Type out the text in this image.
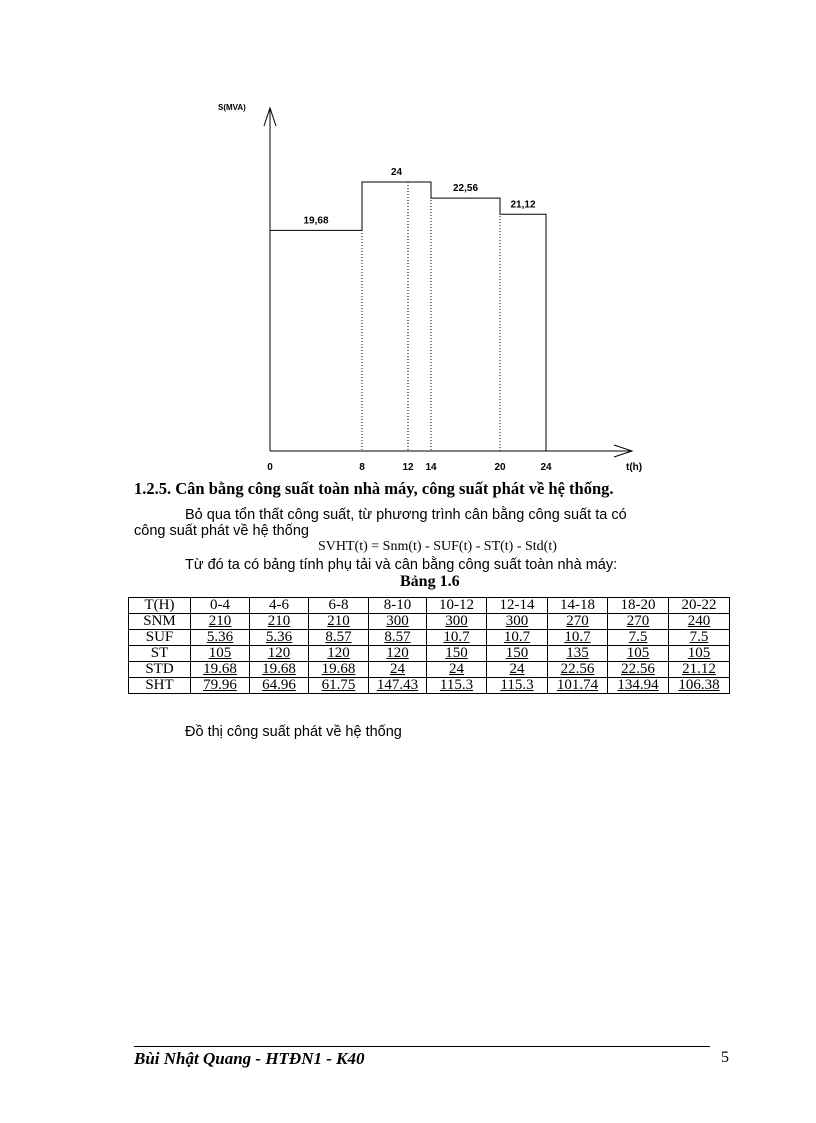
S(MVA)
t(h)
19,68
24
22,56
21,12
0	8	12 14	20	24
1.2.5. Cân bằng công suất toàn nhà máy, công suất phát về hệ thống.
Bỏ qua tổn thất công suất, từ phương trình cân bằng công suất ta có
công suất phát về hệ thống
SVHT(t) = Snm(t) - SUF(t) - ST(t) - Std(t)
Từ đó ta có bảng tính phụ tải và cân bằng công suất toàn nhà máy:
Bảng 1.6
T(H)	0-4	4-6	6-8	8-10	10-12	12-14	14-18	18-20	20-22
SNM	210	210	210	300	300	300	270	270	240
SUF	5.36	5.36	8.57	8.57	10.7	10.7	10.7	7.5	7.5
ST	105	120	120	120	150	150	135	105	105
STD	19.68	19.68	19.68	24	24	24	22.56	22.56	21.12
SHT	79.96	64.96	61.75	147.43	115.3	115.3	101.74	134.94	106.38
Đồ thị công suất phát về hệ thống
Bùi Nhật Quang - HTĐN1 - K40	5
